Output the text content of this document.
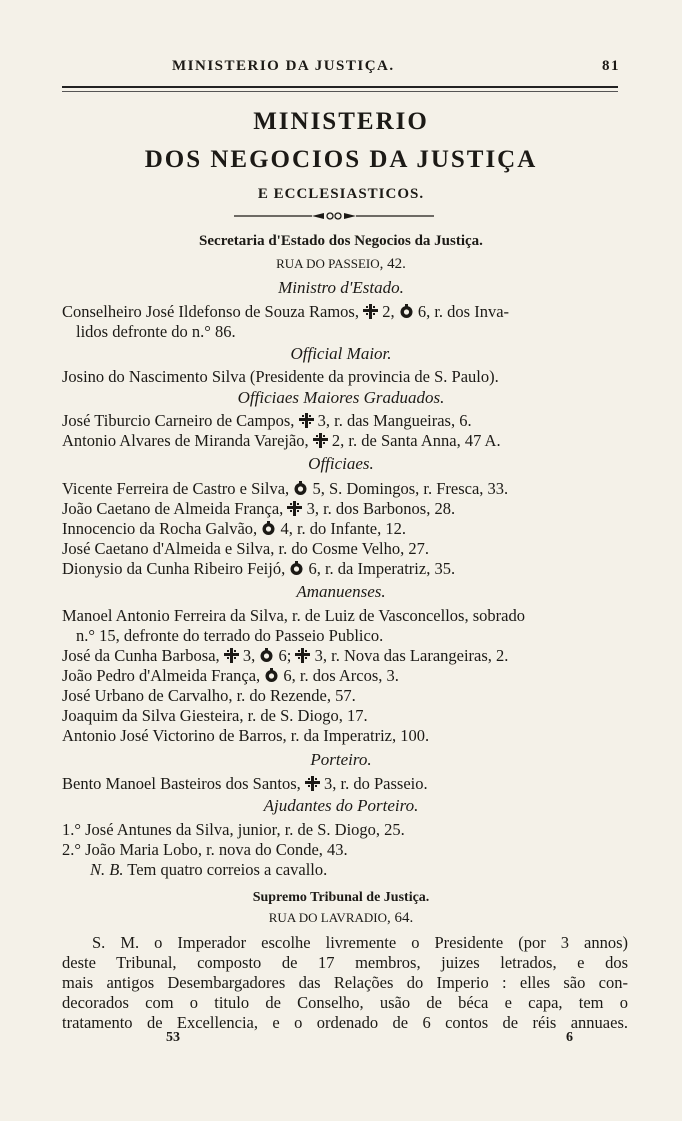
MINISTERIO DA JUSTIÇA.	81
MINISTERIO
DOS NEGOCIOS DA JUSTIÇA
E ECCLESIASTICOS.
Secretaria d'Estado dos Negocios da Justiça.
RUA DO PASSEIO, 42.
Ministro d'Estado.
Conselheiro José Ildefonso de Souza Ramos, 2, 6, r. dos Inva-
lidos defronte do n.° 86.
Official Maior.
Josino do Nascimento Silva (Presidente da provincia de S. Paulo).
Officiaes Maiores Graduados.
José Tiburcio Carneiro de Campos, 3, r. das Mangueiras, 6.
Antonio Alvares de Miranda Varejão, 2, r. de Santa Anna, 47 A.
Officiaes.
Vicente Ferreira de Castro e Silva, 5, S. Domingos, r. Fresca, 33.
João Caetano de Almeida França, 3, r. dos Barbonos, 28.
Innocencio da Rocha Galvão, 4, r. do Infante, 12.
José Caetano d'Almeida e Silva, r. do Cosme Velho, 27.
Dionysio da Cunha Ribeiro Feijó, 6, r. da Imperatriz, 35.
Amanuenses.
Manoel Antonio Ferreira da Silva, r. de Luiz de Vasconcellos, sobrado
n.° 15, defronte do terrado do Passeio Publico.
José da Cunha Barbosa, 3, 6; 3, r. Nova das Larangeiras, 2.
João Pedro d'Almeida França, 6, r. dos Arcos, 3.
José Urbano de Carvalho, r. do Rezende, 57.
Joaquim da Silva Giesteira, r. de S. Diogo, 17.
Antonio José Victorino de Barros, r. da Imperatriz, 100.
Porteiro.
Bento Manoel Basteiros dos Santos, 3, r. do Passeio.
Ajudantes do Porteiro.
1.° José Antunes da Silva, junior, r. de S. Diogo, 25.
2.° João Maria Lobo, r. nova do Conde, 43.
N. B. Tem quatro correios a cavallo.
Supremo Tribunal de Justiça.
RUA DO LAVRADIO, 64.
S. M. o Imperador escolhe livremente o Presidente (por 3 annos)
deste Tribunal, composto de 17 membros, juizes letrados, e dos
mais antigos Desembargadores das Relações do Imperio : elles são con-
decorados com o titulo de Conselho, usão de béca e capa, tem o
tratamento de Excellencia, e o ordenado de 6 contos de réis annuaes.
53	6
